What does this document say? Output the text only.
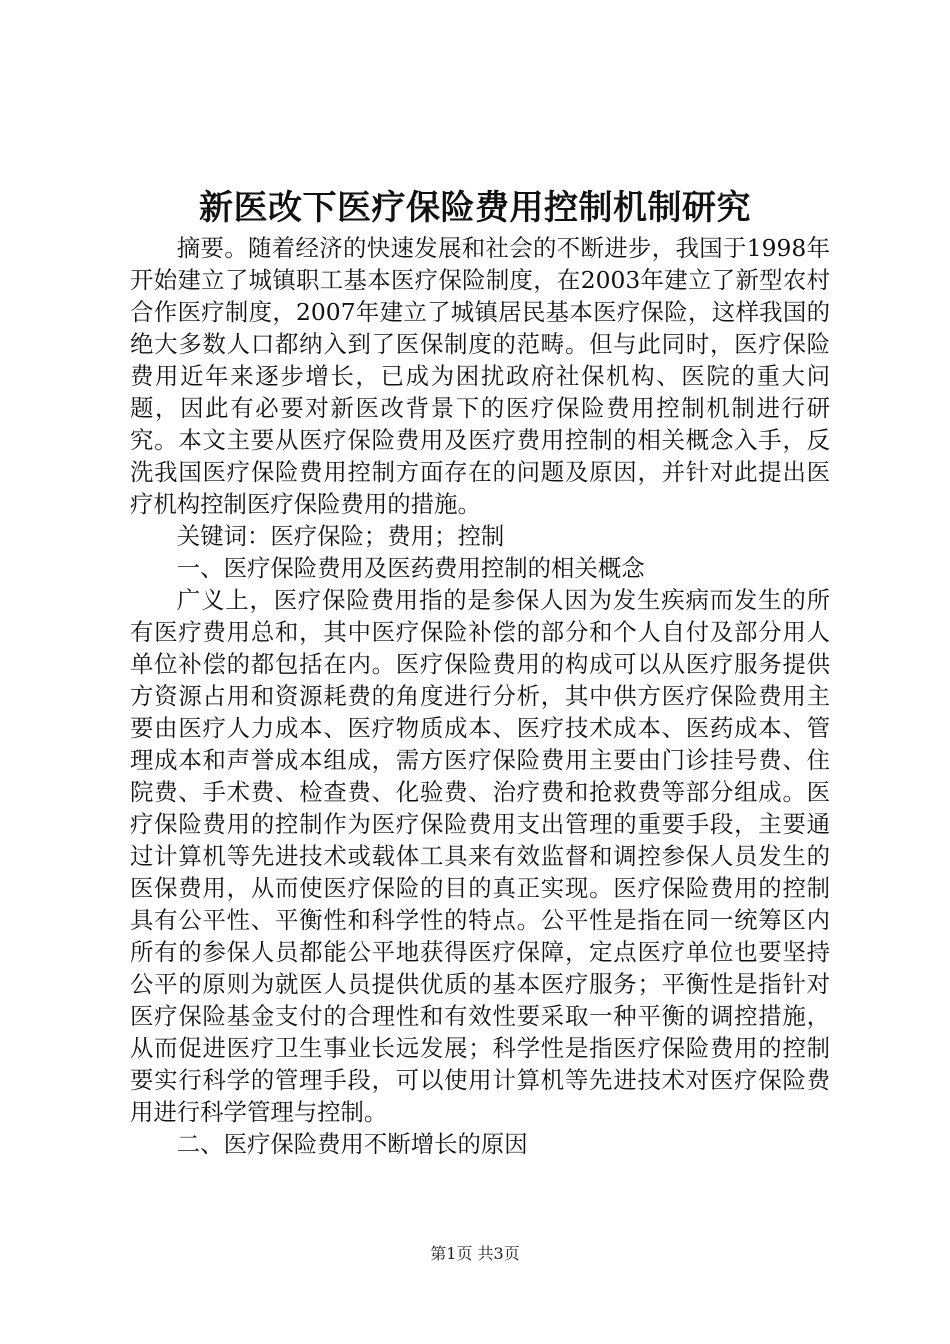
新医改下医疗保险费用控制机制研究

摘要。随着经济的快速发展和社会的不断进步，我国于1998年开始建立了城镇职工基本医疗保险制度，在2003年建立了新型农村合作医疗制度，2007年建立了城镇居民基本医疗保险，这样我国的绝大多数人口都纳入到了医保制度的范畴。但与此同时，医疗保险费用近年来逐步增长，已成为困扰政府社保机构、医院的重大问题，因此有必要对新医改背景下的医疗保险费用控制机制进行研究。本文主要从医疗保险费用及医疗费用控制的相关概念入手，反洗我国医疗保险费用控制方面存在的问题及原因，并针对此提出医疗机构控制医疗保险费用的措施。

关键词：医疗保险；费用；控制

一、医疗保险费用及医药费用控制的相关概念

广义上，医疗保险费用指的是参保人因为发生疾病而发生的所有医疗费用总和，其中医疗保险补偿的部分和个人自付及部分用人单位补偿的都包括在内。医疗保险费用的构成可以从医疗服务提供方资源占用和资源耗费的角度进行分析，其中供方医疗保险费用主要由医疗人力成本、医疗物质成本、医疗技术成本、医药成本、管理成本和声誉成本组成，需方医疗保险费用主要由门诊挂号费、住院费、手术费、检查费、化验费、治疗费和抢救费等部分组成。医疗保险费用的控制作为医疗保险费用支出管理的重要手段，主要通过计算机等先进技术或载体工具来有效监督和调控参保人员发生的医保费用，从而使医疗保险的目的真正实现。医疗保险费用的控制具有公平性、平衡性和科学性的特点。公平性是指在同一统筹区内所有的参保人员都能公平地获得医疗保障，定点医疗单位也要坚持公平的原则为就医人员提供优质的基本医疗服务；平衡性是指针对医疗保险基金支付的合理性和有效性要采取一种平衡的调控措施，从而促进医疗卫生事业长远发展；科学性是指医疗保险费用的控制要实行科学的管理手段，可以使用计算机等先进技术对医疗保险费用进行科学管理与控制。

二、医疗保险费用不断增长的原因

第1页 共3页
